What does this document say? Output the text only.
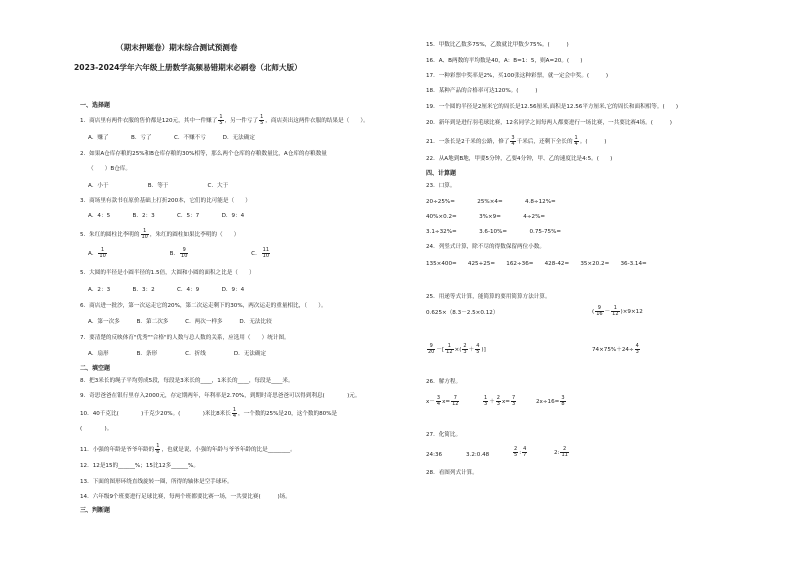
（期末押题卷）期末综合测试预测卷
2023-2024学年六年级上册数学高频易错期末必刷卷（北师大版）
一、选择题
1．商店里有两件衣服的售价都是120元，其中一件赚了 $\frac{1}{5}$ ，另一件亏了 $\frac{1}{5}$ ，商店卖出这两件衣服的结果是（　　）。
A．赚了　　　　B．亏了　　　　C．不赚不亏　　　D．无法确定
2．如果A仓库存粮的25%和B仓库存粮的30%相等，那么两个仓库的存粮数量比，A仓库的存粮数量
（　　）B仓库。
A．小于　　　　　　　B．等于　　　　　　　C．大于
3．商场里有款书在原价基础上打折200本，它们的比可能是（　　）
A．4：5　　　　B．2：3　　　　C．5：7　　　　D．9：4
5．朱红的圆柱比李明的 $\frac{1}{10}$ ，朱红的圆柱如果比李明的（　　）
A． $\frac{1}{10}$	B． $\frac{9}{10}$	C． $\frac{11}{10}$
5．大圆的半径是小圆半径的1.5倍，大圆和小圆的面积之比是（　　）
A．2：3　　　　B．3：2　　　　C．4：9　　　　D．9：4
6．商店进一批沙，第一次运走它的20%，第二次运走剩下的30%，两次运走的重量相比，（　　）。
A．第一次多　　　B．第二次多　　　C．两次一样多　　　D．无法比较
7．要清楚的反映体育"优秀""合格"的人数与总人数的关系，应选用（　　）统计图。
A．扇形　　　　　B．条形　　　　　C．折线　　　　　D．无法确定
二、填空题
8．把3米长的绳子平均剪成5段，每段是3米长的____，1米长的____，每段是____米。
9．奇思爸爸在银行里存入2000元，存定期两年，年利率是2.70%，到期时奇思爸爸可以得到利息(　　　　)元。
10．40千克比(　　　　)千克少20%。(　　　　)米比8米长 $\frac{1}{4}$ ，一个数的25%是20，这个数的80%是
(　　　　)。
11．小强的年龄是爷爷年龄的 $\frac{1}{6}$ ，也就是说，小强的年龄与爷爷年龄的比是________。
12．12是15的______%；15比12多______%。
13．下面的图形环绕直线旋转一圈，所得的轴体是空手球环。
14．六年级9个班要进行足球比赛，每两个班都要比赛一场，一共要比赛(　　　)场。
三、判断题
15．甲数比乙数多75%，乙数就比甲数少75%。(　　　)
16．A、B两数的平均数是40，A：B=1：5，则A=20。(　　)
17．一种彩票中奖率是2%，买100张这种彩票，就一定会中奖。(　　　)
18．某种产品的合格率可达120%。(　　　)
19．一个圆的半径是2厘米它的周长是12.56厘米,面积是12.56平方厘米,它的周长和面积相等。(　　)
20．新年到是进行羽毛球比赛，12名同学之间每两人都要进行一场比赛，一共要比赛4场。(　　　)
21．一条长是2千米的公路，修了 $\frac{3}{4}$ 千米后，还剩下全长的 $\frac{1}{4}$ 。(　　　)
22．从A地到B地，甲要5分钟，乙要4分钟，甲、乙的速度比是4:5。(　　)
四、计算题
23．口算。
20÷25%=　　　　25%×4=　　　　4.8÷12%=
40%×0.2=　　　　3%×9=　　　　4÷2%=
3.1÷32%=　　　　3.6-10%=　　　　0.75-75%=
24．列竖式计算，除不尽的得数保留两位小数。
135×400=　　425+25=　　162÷36=　　428-42=　　35×20.2=　　36-3.14=
25．用递等式计算，能简算的要用简算方法计算。
0.625×（8.3－2.5×0.12）	( $\frac{9}{16} - \frac{1}{12} )\times 9\times 12$
$\frac{9}{20}$ －[ $\frac{1}{12}$ ×( $\frac{2}{3} + \frac{4}{5}$ )]	$74\times 75\%+24\div \frac{4}{3}$
26．解方程。
$x- \frac{3}{4} x= \frac{7}{12}$	$\frac{1}{3} + \frac{2}{3} x= \frac{7}{3}$	$2x\div 16= \frac{3}{8}$
27．化简比。
24:36	3.2:0.48	$\frac{2}{5}$ : $\frac{4}{7}$	2: $\frac{2}{11}$
28．看图列式计算。
